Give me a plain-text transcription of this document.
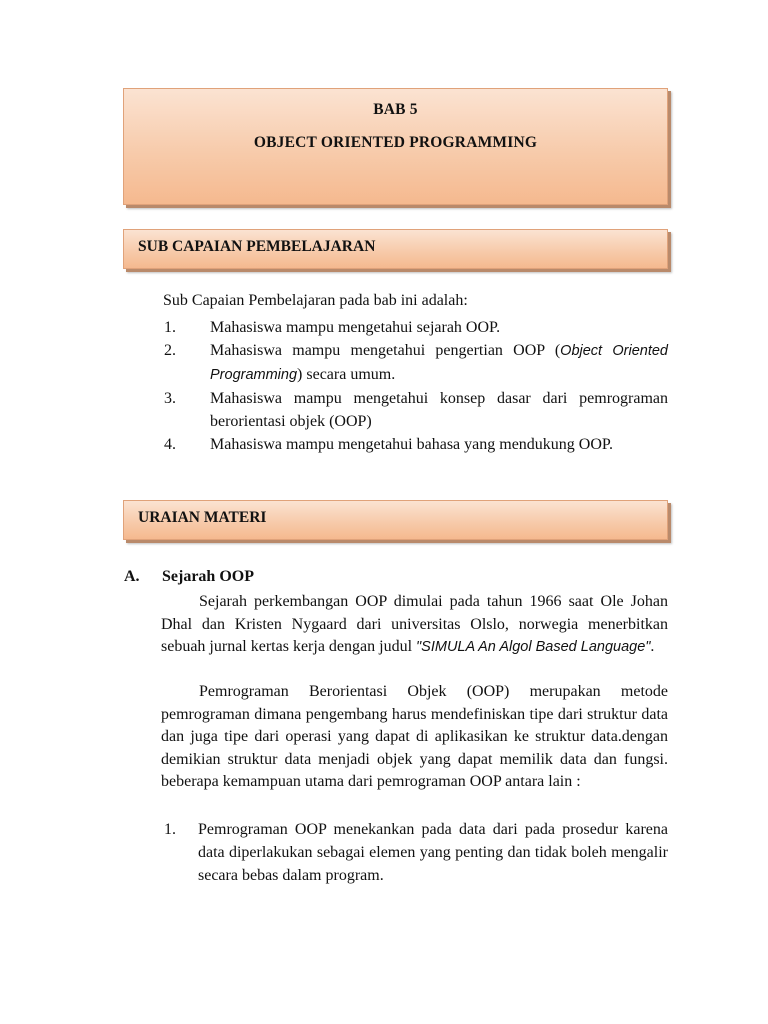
BAB 5
OBJECT ORIENTED PROGRAMMING
SUB CAPAIAN PEMBELAJARAN
Sub Capaian Pembelajaran pada bab ini adalah:
1. Mahasiswa mampu mengetahui sejarah OOP.
2. Mahasiswa mampu mengetahui pengertian OOP (Object Oriented Programming) secara umum.
3. Mahasiswa mampu mengetahui konsep dasar dari pemrograman berorientasi objek (OOP)
4. Mahasiswa mampu mengetahui bahasa yang mendukung OOP.
URAIAN MATERI
A. Sejarah OOP

Sejarah perkembangan OOP dimulai pada tahun 1966 saat Ole Johan Dhal dan Kristen Nygaard dari universitas Olslo, norwegia menerbitkan sebuah jurnal kertas kerja dengan judul "SIMULA An Algol Based Language".

Pemrograman Berorientasi Objek (OOP) merupakan metode pemrograman dimana pengembang harus mendefiniskan tipe dari struktur data dan juga tipe dari operasi yang dapat di aplikasikan ke struktur data.dengan demikian struktur data menjadi objek yang dapat memilik data dan fungsi. beberapa kemampuan utama dari pemrograman OOP antara lain :

1. Pemrograman OOP menekankan pada data dari pada prosedur karena data diperlakukan sebagai elemen yang penting dan tidak boleh mengalir secara bebas dalam program.
